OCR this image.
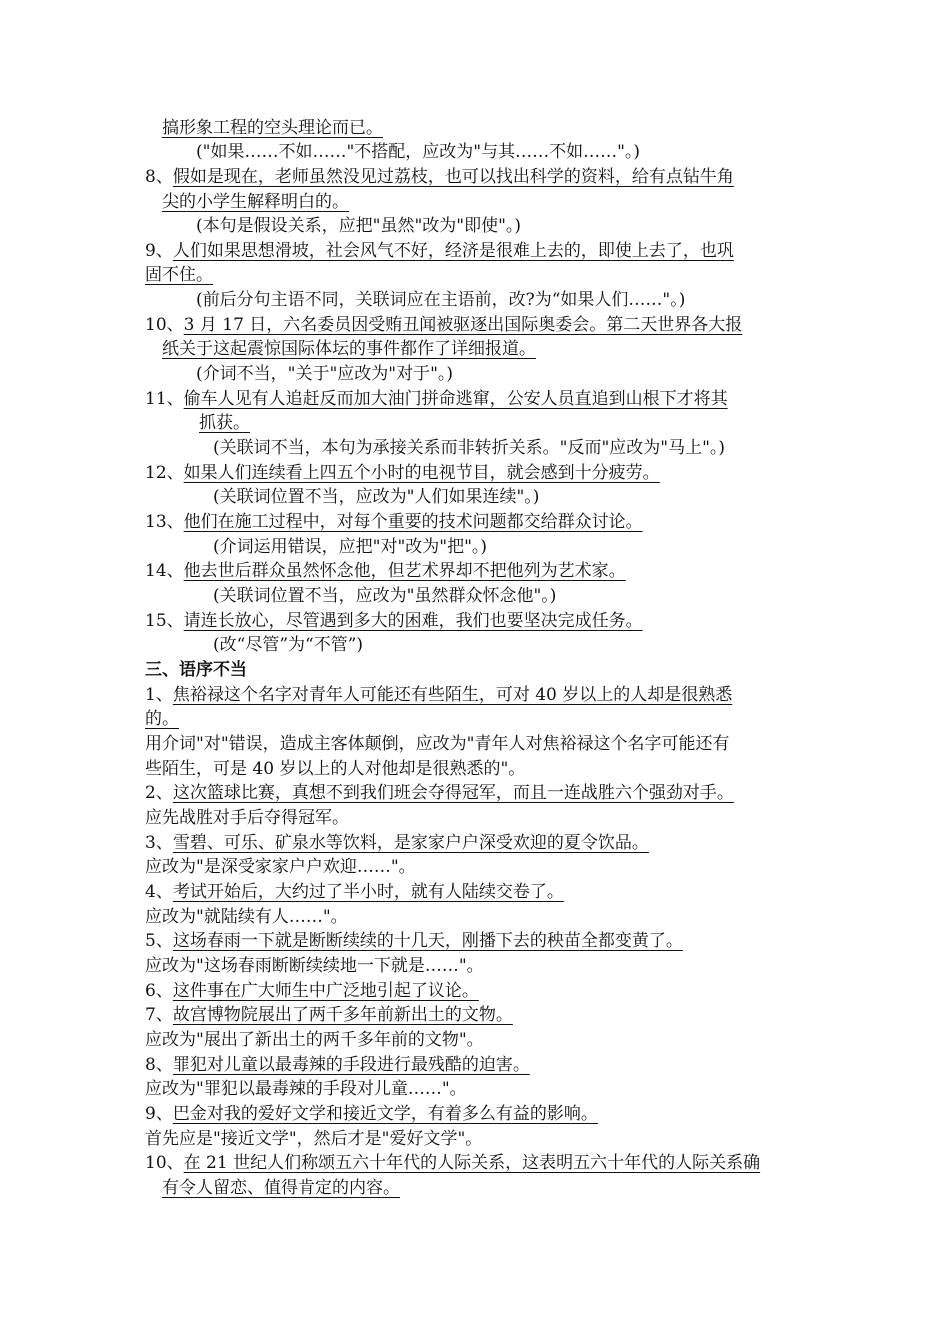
搞形象工程的空头理论而已。
("如果……不如……"不搭配，应改为"与其……不如……"。)
8、假如是现在，老师虽然没见过荔枝，也可以找出科学的资料，给有点钻牛角
尖的小学生解释明白的。
(本句是假设关系，应把"虽然"改为"即使"。)
9、人们如果思想滑坡，社会风气不好，经济是很难上去的，即使上去了，也巩
固不住。
(前后分句主语不同，关联词应在主语前，改?为“如果人们……"。)
10、3 月 17 日，六名委员因受贿丑闻被驱逐出国际奥委会。第二天世界各大报
纸关于这起震惊国际体坛的事件都作了详细报道。
(介词不当，"关于"应改为"对于"。)
11、偷车人见有人追赶反而加大油门拼命逃窜，公安人员直追到山根下才将其
抓获。
(关联词不当，本句为承接关系而非转折关系。"反而"应改为"马上"。)
12、如果人们连续看上四五个小时的电视节目，就会感到十分疲劳。
(关联词位置不当，应改为"人们如果连续"。)
13、他们在施工过程中，对每个重要的技术问题都交给群众讨论。
(介词运用错误，应把"对"改为"把"。)
14、他去世后群众虽然怀念他，但艺术界却不把他列为艺术家。
(关联词位置不当，应改为"虽然群众怀念他"。)
15、请连长放心，尽管遇到多大的困难，我们也要坚决完成任务。
(改“尽管”为“不管”)
三、语序不当
1、焦裕禄这个名字对青年人可能还有些陌生，可对 40 岁以上的人却是很熟悉
的。
用介词"对"错误，造成主客体颠倒，应改为"青年人对焦裕禄这个名字可能还有
些陌生，可是 40 岁以上的人对他却是很熟悉的"。
2、这次篮球比赛，真想不到我们班会夺得冠军，而且一连战胜六个强劲对手。
应先战胜对手后夺得冠军。
3、雪碧、可乐、矿泉水等饮料，是家家户户深受欢迎的夏令饮品。
应改为"是深受家家户户欢迎……"。
4、考试开始后，大约过了半小时，就有人陆续交卷了。
应改为"就陆续有人……"。
5、这场春雨一下就是断断续续的十几天，刚播下去的秧苗全都变黄了。
应改为"这场春雨断断续续地一下就是……"。
6、这件事在广大师生中广泛地引起了议论。
7、故宫博物院展出了两千多年前新出土的文物。
应改为"展出了新出土的两千多年前的文物"。
8、罪犯对儿童以最毒辣的手段进行最残酷的迫害。
应改为"罪犯以最毒辣的手段对儿童……"。
9、巴金对我的爱好文学和接近文学，有着多么有益的影响。
首先应是"接近文学"，然后才是"爱好文学"。
10、在 21 世纪人们称颂五六十年代的人际关系，这表明五六十年代的人际关系确
有令人留恋、值得肯定的内容。
